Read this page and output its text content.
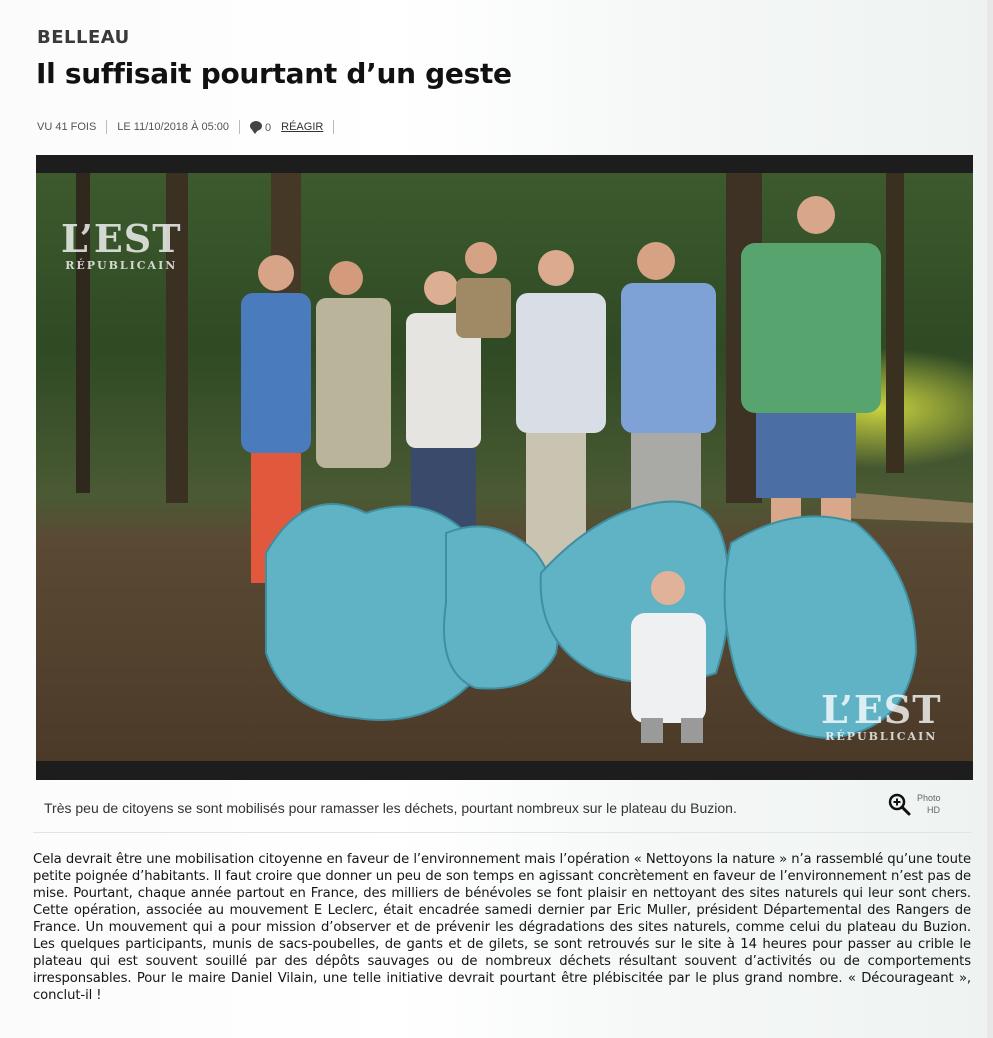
BELLEAU
Il suffisait pourtant d’un geste
VU 41 FOIS LE 11/10/2018 À 05:00	0 RÉAGIR
L’EST
RÉPUBLICAIN
L’EST
RÉPUBLICAIN

Très peu de citoyens se sont mobilisés pour ramasser les déchets, pourtant nombreux sur le plateau du Buzion.

Photo
HD

Cela devrait être une mobilisation citoyenne en faveur de l’environnement mais l’opération « Nettoyons la nature » n’a rassemblé qu’une toute petite poignée d’habitants. Il faut croire que donner un peu de son temps en agissant concrètement en faveur de l’environnement n’est pas de mise. Pourtant, chaque année partout en France, des milliers de bénévoles se font plaisir en nettoyant des sites naturels qui leur sont chers. Cette opération, associée au mouvement E Leclerc, était encadrée samedi dernier par Eric Muller, président Départemental des Rangers de France. Un mouvement qui a pour mission d’observer et de prévenir les dégradations des sites naturels, comme celui du plateau du Buzion. Les quelques participants, munis de sacs-poubelles, de gants et de gilets, se sont retrouvés sur le site à 14 heures pour passer au crible le plateau qui est souvent souillé par des dépôts sauvages ou de nombreux déchets résultant souvent d’activités ou de comportements irresponsables. Pour le maire Daniel Vilain, une telle initiative devrait pourtant être plébiscitée par le plus grand nombre. « Décourageant », conclut-il !
